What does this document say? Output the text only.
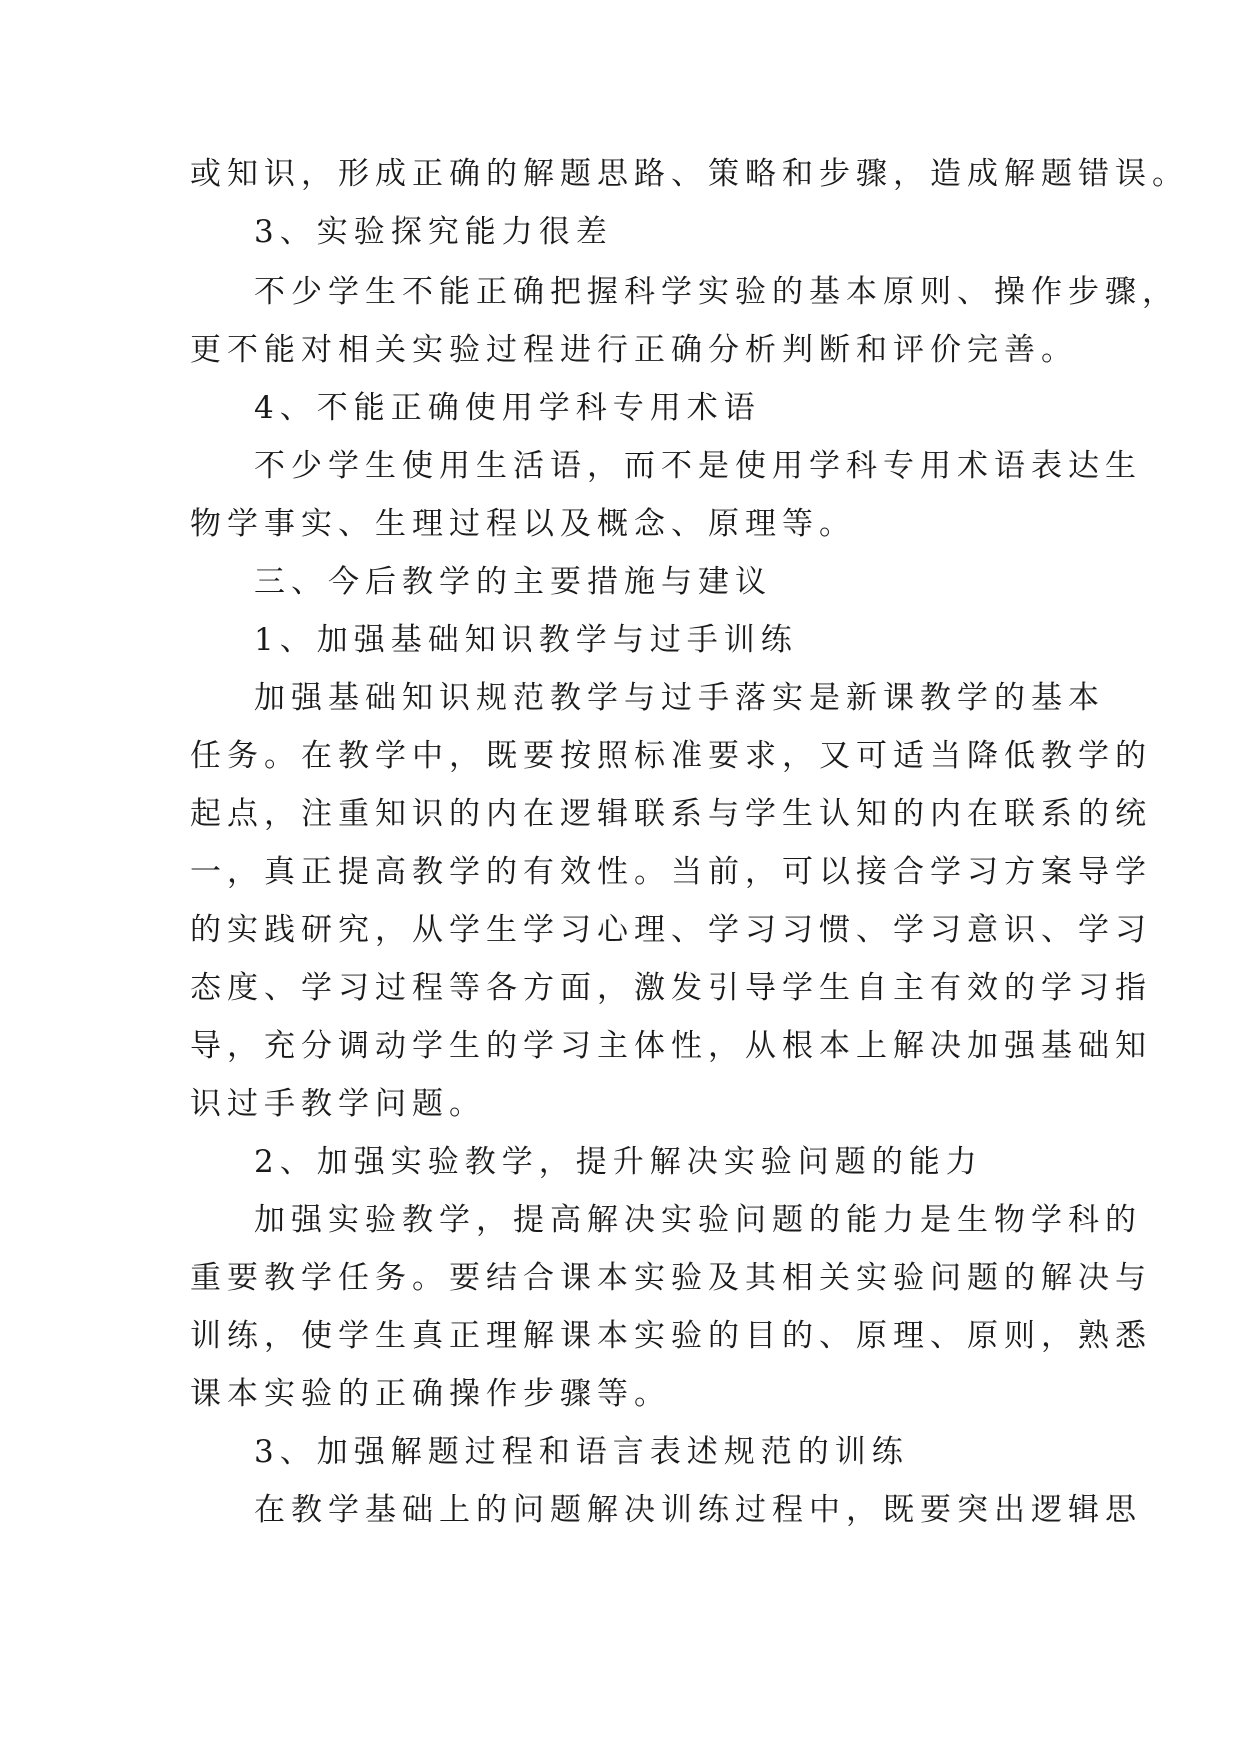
或知识，形成正确的解题思路、策略和步骤，造成解题错误。
3、实验探究能力很差
不少学生不能正确把握科学实验的基本原则、操作步骤，
更不能对相关实验过程进行正确分析判断和评价完善。
4、不能正确使用学科专用术语
不少学生使用生活语，而不是使用学科专用术语表达生
物学事实、生理过程以及概念、原理等。
三、今后教学的主要措施与建议
1、加强基础知识教学与过手训练
加强基础知识规范教学与过手落实是新课教学的基本
任务。在教学中，既要按照标准要求，又可适当降低教学的
起点，注重知识的内在逻辑联系与学生认知的内在联系的统
一，真正提高教学的有效性。当前，可以接合学习方案导学
的实践研究，从学生学习心理、学习习惯、学习意识、学习
态度、学习过程等各方面，激发引导学生自主有效的学习指
导，充分调动学生的学习主体性，从根本上解决加强基础知
识过手教学问题。
2、加强实验教学，提升解决实验问题的能力
加强实验教学，提高解决实验问题的能力是生物学科的
重要教学任务。要结合课本实验及其相关实验问题的解决与
训练，使学生真正理解课本实验的目的、原理、原则，熟悉
课本实验的正确操作步骤等。
3、加强解题过程和语言表述规范的训练
在教学基础上的问题解决训练过程中，既要突出逻辑思
